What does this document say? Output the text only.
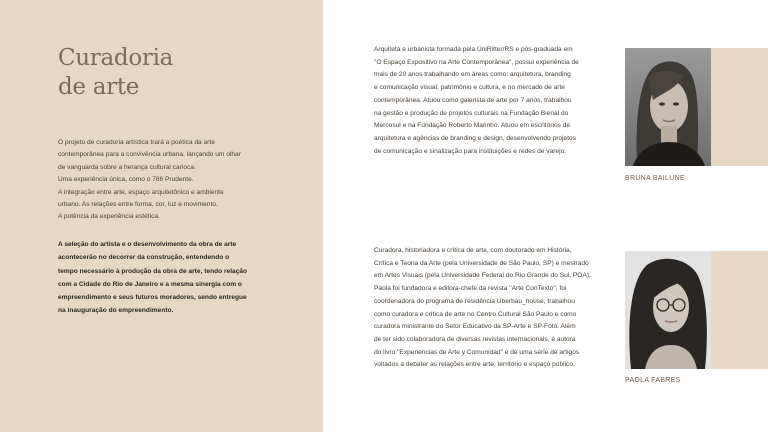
Curadoria
de arte
O projeto de curadoria artística trará a poética da arte
contemporânea para a convivência urbana, lançando um olhar
de vanguarda sobre a herança cultural carioca.
Uma experiência única, como o 786 Prudente.
A integração entre arte, espaço arquitetônico e ambiente
urbano. As relações entre forma, cor, luz e movimento.
A potência da experiência estética.
A seleção do artista e o desenvolvimento da obra de arte
acontecerão no decorrer da construção, entendendo o
tempo necessário à produção da obra de arte, tendo relação
com a Cidade do Rio de Janeiro e a mesma sinergia com o
empreendimento e seus futuros moradores, sendo entregue
na inauguração do empreendimento.
Arquiteta e urbanista formada pela UniRitter/RS e pós-graduada em
"O Espaço Expositivo na Arte Contemporânea", possui experiência de
mais de 20 anos trabalhando em áreas como: arquitetura, branding
e comunicação visual, patrimônio e cultura, e no mercado de arte
contemporânea. Atuou como galerista de arte por 7 anos, trabalhou
na gestão e produção de projetos culturais na Fundação Bienal do
Mercosul e na Fundação Roberto Marinho. Atuou em escritórios de
arquitetura e agências de branding e design, desenvolvendo projetos
de comunicação e sinalização para instituições e redes de varejo.
BRUNA BAILUNE
Curadora, historiadora e crítica de arte, com doutorado em História,
Crítica e Teoria da Arte (pela Universidade de São Paulo, SP) e mestrado
em Artes Visuais (pela Universidade Federal do Rio Grande do Sul, POA).
Paola foi fundadora e editora-chefe da revista "Arte ConTexto", foi
coordenadora do programa de residência Uberbau_house, trabalhou
como curadora e crítica de arte no Centro Cultural São Paulo e como
curadora ministrante do Setor Educativo da SP-Arte e SP-Foto. Além
de ter sido colaboradora de diversas revistas internacionais, é autora
do livro "Experiencias de Arte y Comunidad" e de uma série de artigos
voltados a debater as relações entre arte, território e espaço público.
PAOLA FABRES
